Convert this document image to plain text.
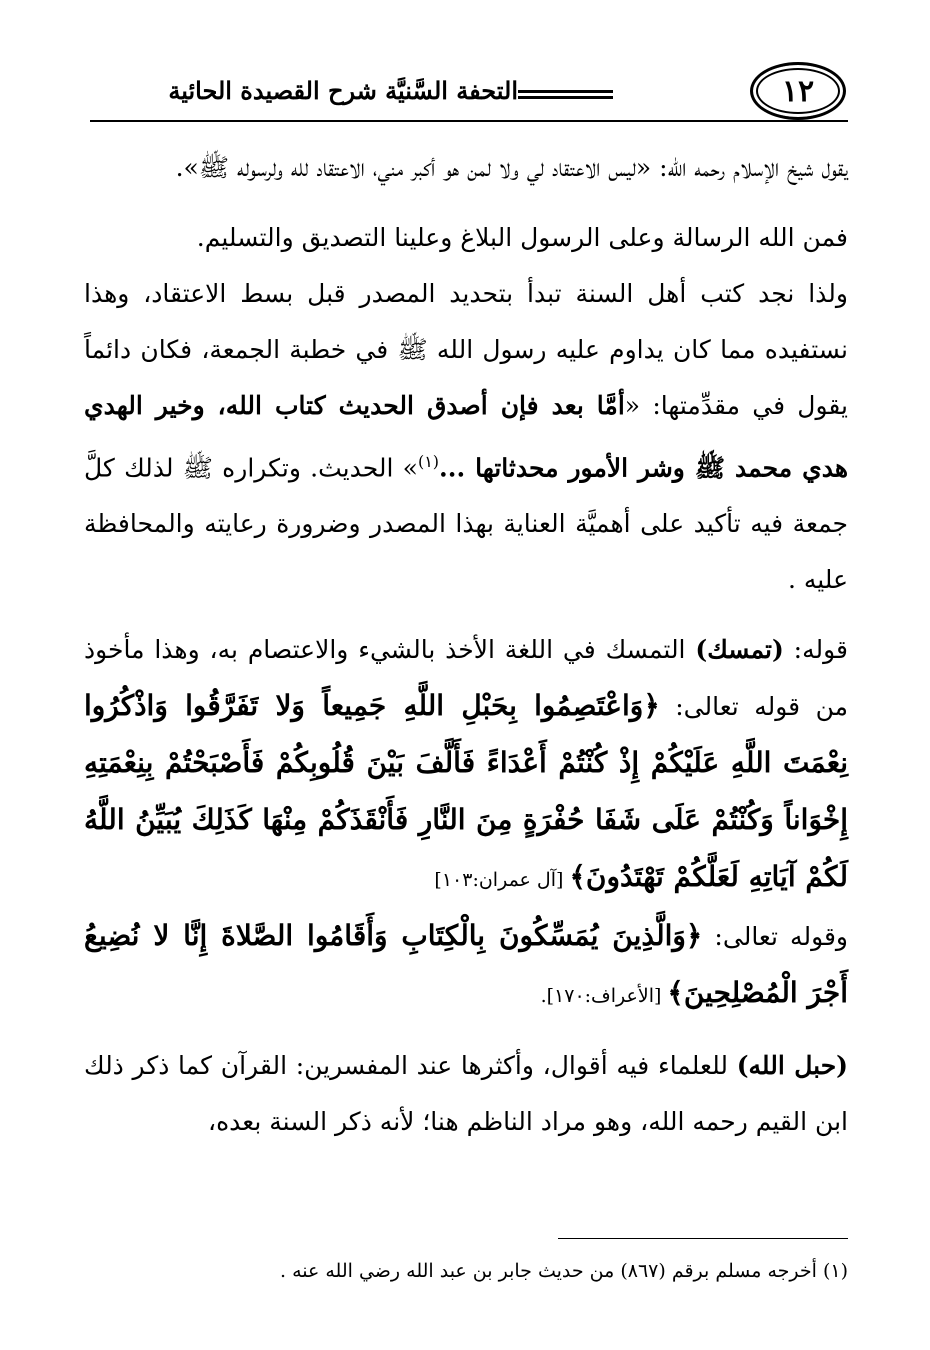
التحفة السَّنيَّة شرح القصيدة الحائية	١٢

يقول شيخ الإسلام رحمه الله: «ليس الاعتقاد لي ولا لمن هو أكبر مني، الاعتقاد لله ولرسوله ﷺ».

فمن الله الرسالة وعلى الرسول البلاغ وعلينا التصديق والتسليم.

ولذا نجد كتب أهل السنة تبدأ بتحديد المصدر قبل بسط الاعتقاد، وهذا نستفيده مما كان يداوم عليه رسول الله ﷺ في خطبة الجمعة، فكان دائماً يقول في مقدِّمتها: «أمَّا بعد فإن أصدق الحديث كتاب الله، وخير الهدي هدي محمد ﷺ وشر الأمور محدثاتها ...$^{(١)}$» الحديث. وتكراره ﷺ لذلك كلَّ جمعة فيه تأكيد على أهميَّة العناية بهذا المصدر وضرورة رعايته والمحافظة عليه .

قوله: (تمسك) التمسك في اللغة الأخذ بالشيء والاعتصام به، وهذا مأخوذ من قوله تعالى: ﴿وَاعْتَصِمُوا بِحَبْلِ اللَّهِ جَمِيعاً وَلا تَفَرَّقُوا وَاذْكُرُوا نِعْمَتَ اللَّهِ عَلَيْكُمْ إِذْ كُنْتُمْ أَعْدَاءً فَأَلَّفَ بَيْنَ قُلُوبِكُمْ فَأَصْبَحْتُمْ بِنِعْمَتِهِ إِخْوَاناً وَكُنْتُمْ عَلَى شَفَا حُفْرَةٍ مِنَ النَّارِ فَأَنْقَذَكُمْ مِنْهَا كَذَلِكَ يُبَيِّنُ اللَّهُ لَكُمْ آيَاتِهِ لَعَلَّكُمْ تَهْتَدُونَ﴾ [آل عمران:١٠٣]

وقوله تعالى: ﴿وَالَّذِينَ يُمَسِّكُونَ بِالْكِتَابِ وَأَقَامُوا الصَّلاةَ إِنَّا لا نُضِيعُ أَجْرَ الْمُصْلِحِينَ﴾ [الأعراف:١٧٠].

(حبل الله) للعلماء فيه أقوال، وأكثرها عند المفسرين: القرآن كما ذكر ذلك ابن القيم رحمه الله، وهو مراد الناظم هنا؛ لأنه ذكر السنة بعده،

(١) أخرجه مسلم برقم (٨٦٧) من حديث جابر بن عبد الله رضي الله عنه .
